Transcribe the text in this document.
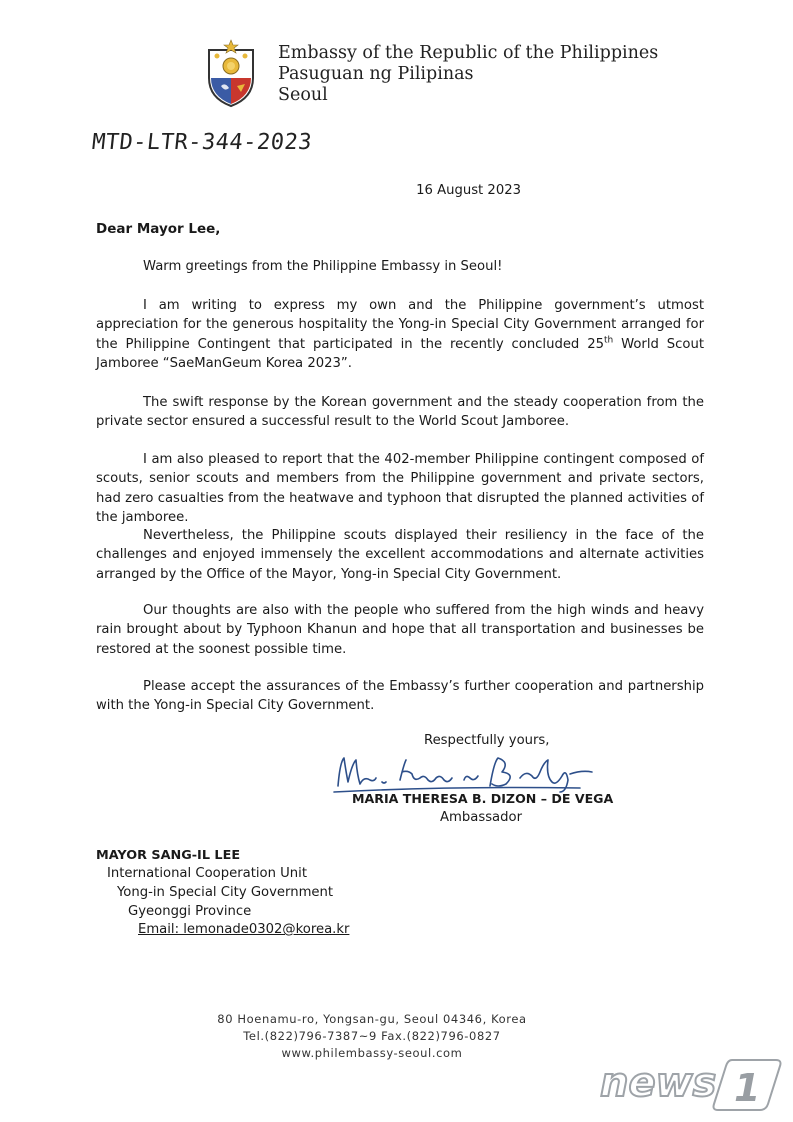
Embassy of the Republic of the Philippines
Pasuguan ng Pilipinas
Seoul
MTD-LTR-344-2023
16 August 2023
Dear Mayor Lee,

Warm greetings from the Philippine Embassy in Seoul!

I am writing to express my own and the Philippine government’s utmost appreciation for the generous hospitality the Yong-in Special City Government arranged for the Philippine Contingent that participated in the recently concluded 25th World Scout Jamboree “SaeManGeum Korea 2023”.

The swift response by the Korean government and the steady cooperation from the private sector ensured a successful result to the World Scout Jamboree.

I am also pleased to report that the 402-member Philippine contingent composed of scouts, senior scouts and members from the Philippine government and private sectors, had zero casualties from the heatwave and typhoon that disrupted the planned activities of the jamboree.

Nevertheless, the Philippine scouts displayed their resiliency in the face of the challenges and enjoyed immensely the excellent accommodations and alternate activities arranged by the Office of the Mayor, Yong-in Special City Government.

Our thoughts are also with the people who suffered from the high winds and heavy rain brought about by Typhoon Khanun and hope that all transportation and businesses be restored at the soonest possible time.

Please accept the assurances of the Embassy’s further cooperation and partnership with the Yong-in Special City Government.

Respectfully yours,
MARIA THERESA B. DIZON – DE VEGA
Ambassador
MAYOR SANG-IL LEE
International Cooperation Unit
Yong-in Special City Government
Gyeonggi Province
Email: lemonade0302@korea.kr
80 Hoenamu-ro, Yongsan-gu, Seoul 04346, Korea
Tel.(822)796-7387~9 Fax.(822)796-0827
www.philembassy-seoul.com
news 1
